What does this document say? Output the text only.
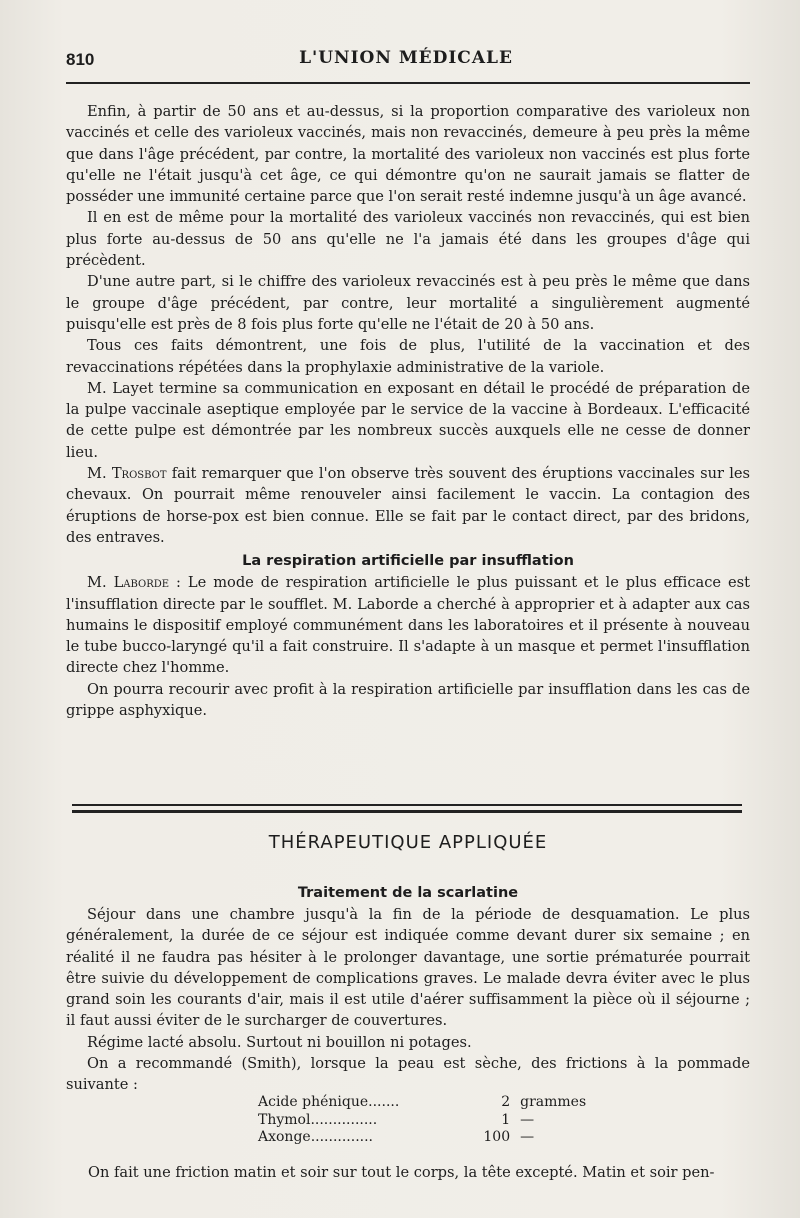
810	L'UNION MÉDICALE

Enfin, à partir de 50 ans et au-dessus, si la proportion comparative des varioleux non vaccinés et celle des varioleux vaccinés, mais non revaccinés, demeure à peu près la même que dans l'âge précédent, par contre, la mortalité des varioleux non vaccinés est plus forte qu'elle ne l'était jusqu'à cet âge, ce qui démontre qu'on ne saurait jamais se flatter de posséder une immunité certaine parce que l'on serait resté indemne jusqu'à un âge avancé.

Il en est de même pour la mortalité des varioleux vaccinés non revaccinés, qui est bien plus forte au-dessus de 50 ans qu'elle ne l'a jamais été dans les groupes d'âge qui précèdent.

D'une autre part, si le chiffre des varioleux revaccinés est à peu près le même que dans le groupe d'âge précédent, par contre, leur mortalité a singulièrement augmenté puisqu'elle est près de 8 fois plus forte qu'elle ne l'était de 20 à 50 ans.

Tous ces faits démontrent, une fois de plus, l'utilité de la vaccination et des revaccinations répétées dans la prophylaxie administrative de la variole.

M. Layet termine sa communication en exposant en détail le procédé de préparation de la pulpe vaccinale aseptique employée par le service de la vaccine à Bordeaux. L'efficacité de cette pulpe est démontrée par les nombreux succès auxquels elle ne cesse de donner lieu.

M. Trosbot fait remarquer que l'on observe très souvent des éruptions vaccinales sur les chevaux. On pourrait même renouveler ainsi facilement le vaccin. La contagion des éruptions de horse-pox est bien connue. Elle se fait par le contact direct, par des bridons, des entraves.

La respiration artificielle par insufflation

M. Laborde : Le mode de respiration artificielle le plus puissant et le plus efficace est l'insufflation directe par le soufflet. M. Laborde a cherché à approprier et à adapter aux cas humains le dispositif employé communément dans les laboratoires et il présente à nouveau le tube bucco-laryngé qu'il a fait construire. Il s'adapte à un masque et permet l'insufflation directe chez l'homme.

On pourra recourir avec profit à la respiration artificielle par insufflation dans les cas de grippe asphyxique.

THÉRAPEUTIQUE APPLIQUÉE

Traitement de la scarlatine

Séjour dans une chambre jusqu'à la fin de la période de desquamation. Le plus généralement, la durée de ce séjour est indiquée comme devant durer six semaine ; en réalité il ne faudra pas hésiter à le prolonger davantage, une sortie prématurée pourrait être suivie du développement de complications graves. Le malade devra éviter avec le plus grand soin les courants d'air, mais il est utile d'aérer suffisamment la pièce où il séjourne ; il faut aussi éviter de le surcharger de couvertures.

Régime lacté absolu. Surtout ni bouillon ni potages.

On a recommandé (Smith), lorsque la peau est sèche, des frictions à la pommade suivante :

Acide phénique.......	2 grammes
Thymol...............	1 —
Axonge..............	100 —
On fait une friction matin et soir sur tout le corps, la tête excepté. Matin et soir pen-
